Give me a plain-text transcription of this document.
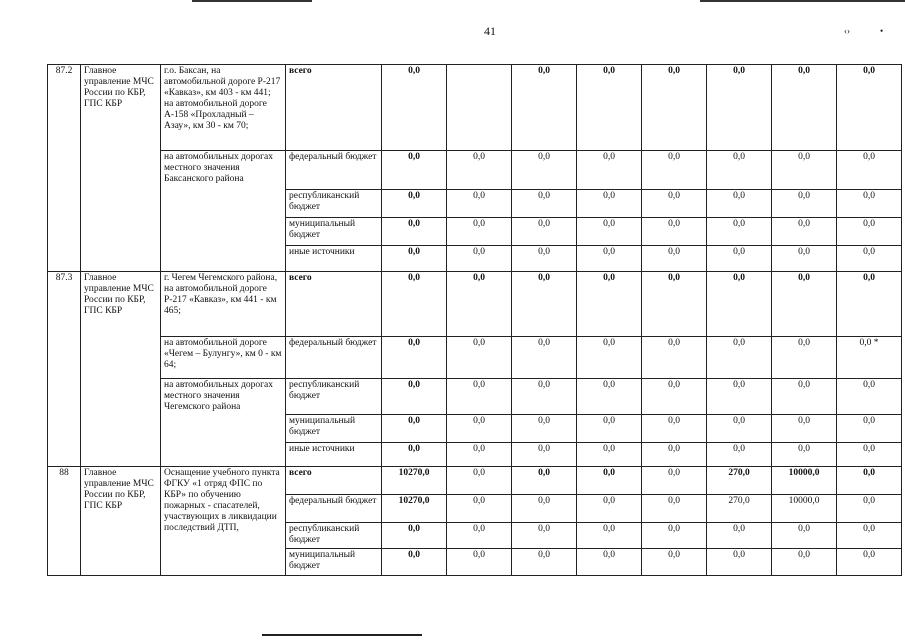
41	‹›	•
87.2	Главное управление МЧС России по КБР, ГПС КБР	г.о. Баксан, на автомобильной дороге Р-217 «Кавказ», км 403 - км 441; на автомобильной дороге А-158 «Прохладный – Азау», км 30 - км 70;	всего	0,0		0,0	0,0	0,0	0,0	0,0	0,0
		на автомобильных дорогах местного значения Баксанского района	федеральный бюджет	0,0	0,0	0,0	0,0	0,0	0,0	0,0	0,0
			республиканский бюджет	0,0	0,0	0,0	0,0	0,0	0,0	0,0	0,0
			муниципальный бюджет	0,0	0,0	0,0	0,0	0,0	0,0	0,0	0,0
			иные источники	0,0	0,0	0,0	0,0	0,0	0,0	0,0	0,0
87.3	Главное управление МЧС России по КБР, ГПС КБР	г. Чегем Чегемского района, на автомобильной дороге Р-217 «Кавказ», км 441 - км 465;	всего	0,0	0,0	0,0	0,0	0,0	0,0	0,0	0,0
		на автомобильной дороге «Чегем – Булунгу», км 0 - км 64;	федеральный бюджет	0,0	0,0	0,0	0,0	0,0	0,0	0,0	0,0 *
		на автомобильных дорогах местного значения Чегемского района	республиканский бюджет	0,0	0,0	0,0	0,0	0,0	0,0	0,0	0,0
			муниципальный бюджет	0,0	0,0	0,0	0,0	0,0	0,0	0,0	0,0
			иные источники	0,0	0,0	0,0	0,0	0,0	0,0	0,0	0,0
88	Главное управление МЧС России по КБР, ГПС КБР	Оснащение учебного пункта ФГКУ «1 отряд ФПС по КБР» по обучению пожарных - спасателей, участвующих в ликвидации последствий ДТП,	всего	10270,0	0,0	0,0	0,0	0,0	270,0	10000,0	0,0
			федеральный бюджет	10270,0	0,0	0,0	0,0	0,0	270,0	10000,0	0,0
			республиканский бюджет	0,0	0,0	0,0	0,0	0,0	0,0	0,0	0,0
			муниципальный бюджет	0,0	0,0	0,0	0,0	0,0	0,0	0,0	0,0
